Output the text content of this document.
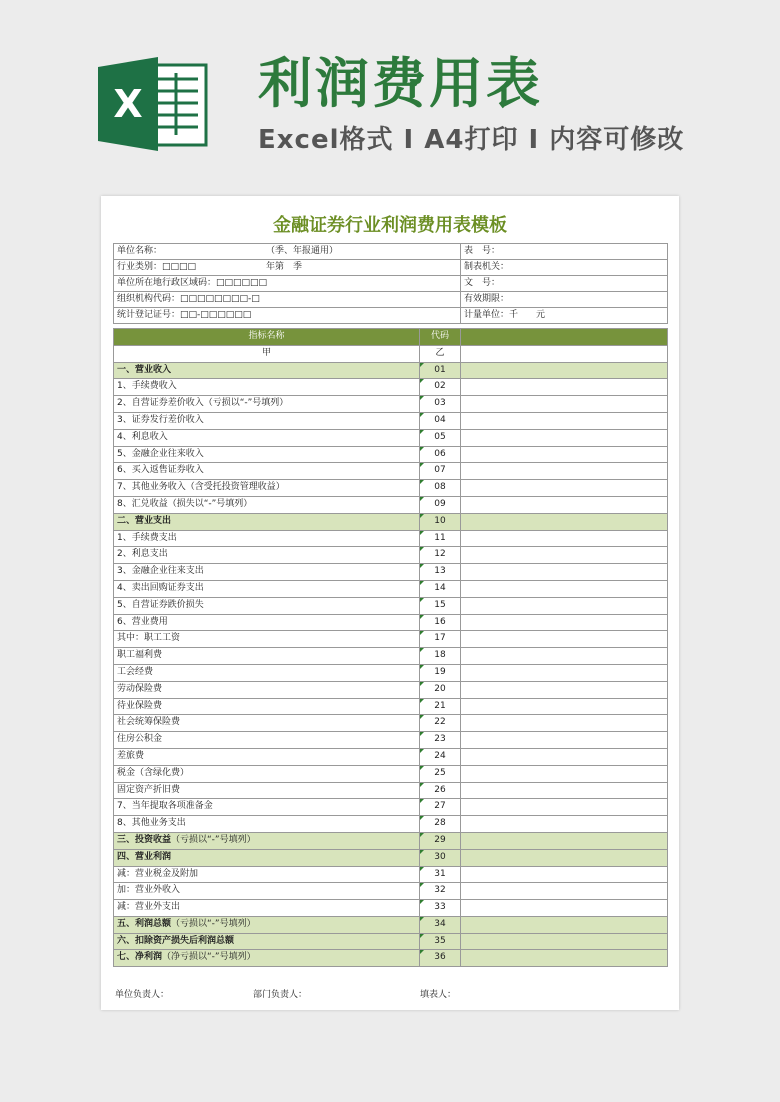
X 利润费用表
Excel格式 Ⅰ A4打印 Ⅰ 内容可修改
金融证券行业利润费用表模板
单位名称：	（季、年报通用）	表　号：
行业类别：□□□□	年第　季	制表机关：
单位所在地行政区域码：□□□□□□	文　号：
组织机构代码：□□□□□□□□-□	有效期限：
统计登记证号：□□-□□□□□□	计量单位：千　　元
指标名称	代码
甲	乙
一、营业收入	01
1、手续费收入	02
2、自营证券差价收入（亏损以“-”号填列）	03
3、证券发行差价收入	04
4、利息收入	05
5、金融企业往来收入	06
6、买入返售证券收入	07
7、其他业务收入（含受托投资管理收益）	08
8、汇兑收益（损失以“-”号填列）	09
二、营业支出	10
1、手续费支出	11
2、利息支出	12
3、金融企业往来支出	13
4、卖出回购证券支出	14
5、自营证券跌价损失	15
6、营业费用	16
其中：职工工资	17
职工福利费	18
工会经费	19
劳动保险费	20
待业保险费	21
社会统筹保险费	22
住房公积金	23
差旅费	24
税金（含绿化费）	25
固定资产折旧费	26
7、当年提取各项准备金	27
8、其他业务支出	28
三、投资收益（亏损以“-”号填列）	29
四、营业利润	30
减：营业税金及附加	31
加：营业外收入	32
减：营业外支出	33
五、利润总额（亏损以“-”号填列）	34
六、扣除资产损失后利润总额	35
七、净利润（净亏损以“-”号填列）	36
单位负责人：	部门负责人：	填表人：
